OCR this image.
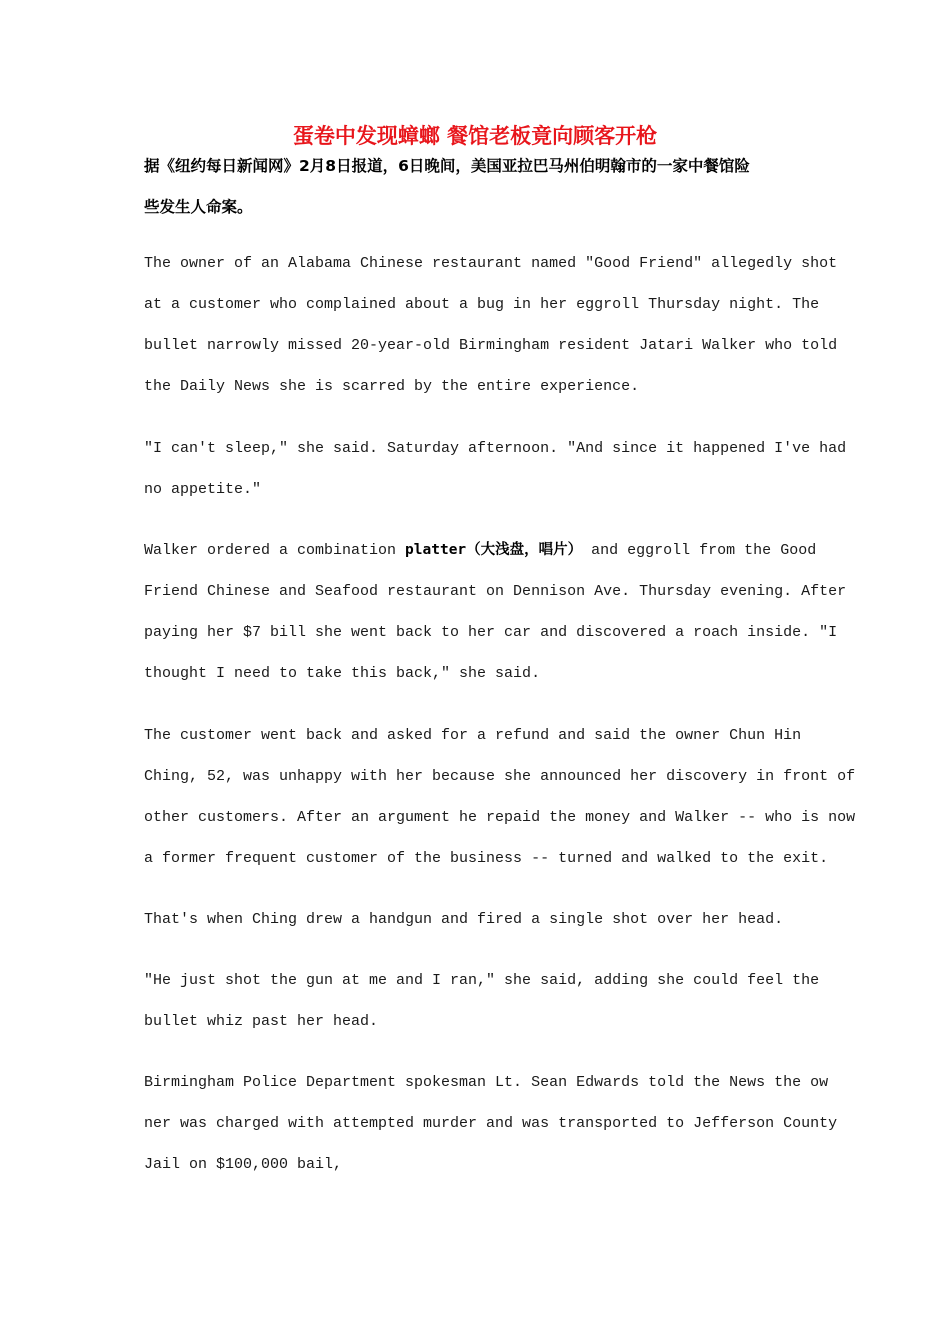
蛋卷中发现蟑螂 餐馆老板竟向顾客开枪
据《纽约每日新闻网》2月8日报道，6日晚间，美国亚拉巴马州伯明翰市的一家中餐馆险
些发生人命案。
The owner of an Alabama Chinese restaurant named "Good Friend" allegedly shot
at a customer who complained about a bug in her eggroll Thursday night. The
bullet narrowly missed 20-year-old Birmingham resident Jatari Walker who told
the Daily News she is scarred by the entire experience.
"I can't sleep," she said. Saturday afternoon. "And since it happened I've had
no appetite."
Walker ordered a combination platter（大浅盘，唱片） and eggroll from the Good
Friend Chinese and Seafood restaurant on Dennison Ave. Thursday evening. After
paying her $7 bill she went back to her car and discovered a roach inside. "I
thought I need to take this back," she said.
The customer went back and asked for a refund and said the owner Chun Hin
Ching, 52, was unhappy with her because she announced her discovery in front of
other customers. After an argument he repaid the money and Walker -- who is now
a former frequent customer of the business -- turned and walked to the exit.
That's when Ching drew a handgun and fired a single shot over her head.
"He just shot the gun at me and I ran," she said, adding she could feel the
bullet whiz past her head.
Birmingham Police Department spokesman Lt. Sean Edwards told the News the ow
ner was charged with attempted murder and was transported to Jefferson County
Jail on $100,000 bail,
